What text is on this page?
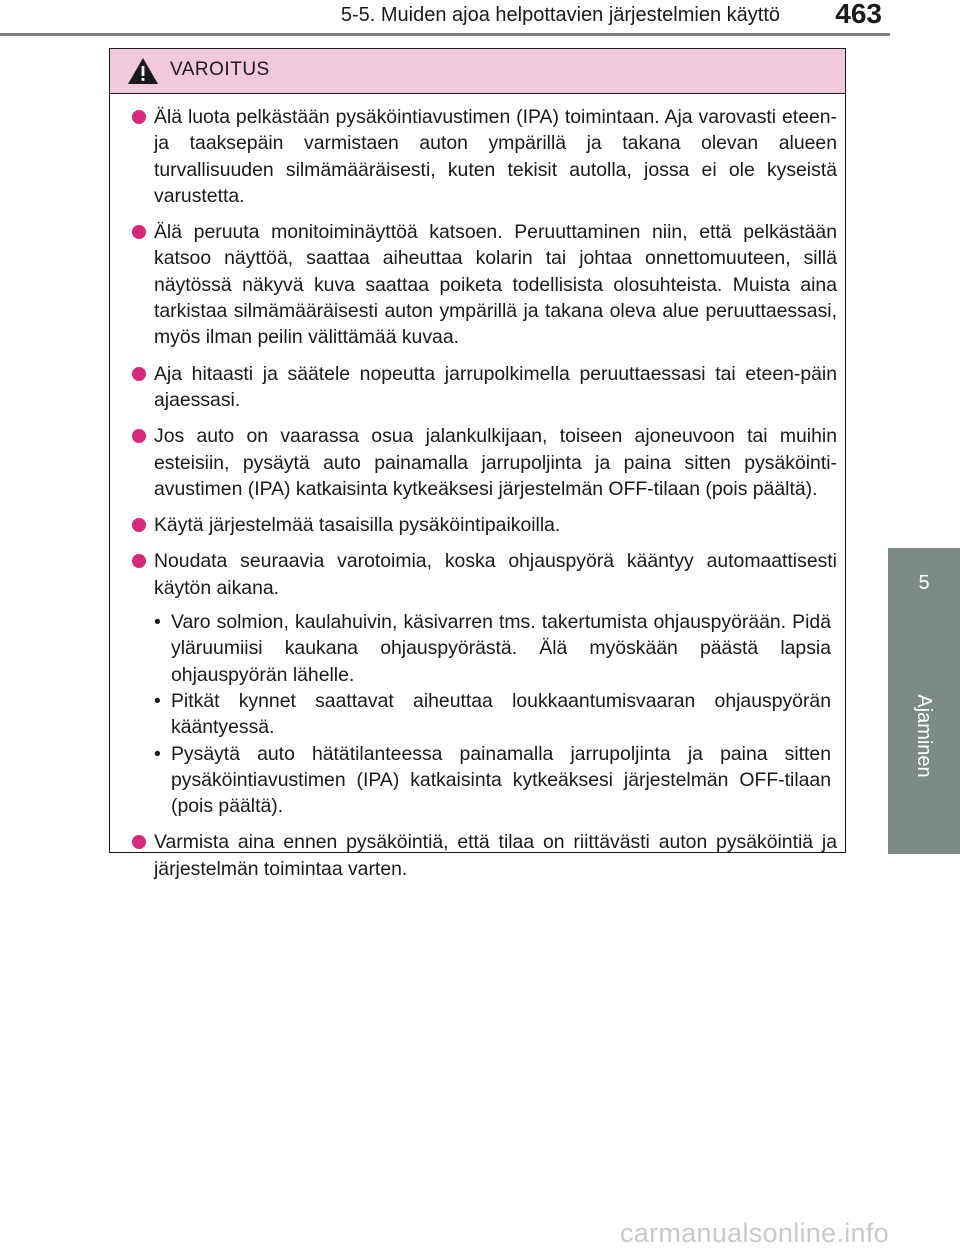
5-5. Muiden ajoa helpottavien järjestelmien käyttö	463
5
Ajaminen
VAROITUS
Älä luota pelkästään pysäköintiavustimen (IPA) toimintaan. Aja varovasti eteen- ja taaksepäin varmistaen auton ympärillä ja takana olevan alueen turvallisuuden silmämääräisesti, kuten tekisit autolla, jossa ei ole kyseistä varustetta.
Älä peruuta monitoiminäyttöä katsoen. Peruuttaminen niin, että pelkästään katsoo näyttöä, saattaa aiheuttaa kolarin tai johtaa onnettomuuteen, sillä näytössä näkyvä kuva saattaa poiketa todellisista olosuhteista. Muista aina tarkistaa silmämääräisesti auton ympärillä ja takana oleva alue peruuttaessasi, myös ilman peilin välittämää kuvaa.
Aja hitaasti ja säätele nopeutta jarrupolkimella peruuttaessasi tai eteen-päin ajaessasi.
Jos auto on vaarassa osua jalankulkijaan, toiseen ajoneuvoon tai muihin esteisiin, pysäytä auto painamalla jarrupoljinta ja paina sitten pysäköinti-avustimen (IPA) katkaisinta kytkeäksesi järjestelmän OFF-tilaan (pois päältä).
Käytä järjestelmää tasaisilla pysäköintipaikoilla.
Noudata seuraavia varotoimia, koska ohjauspyörä kääntyy automaattisesti käytön aikana.
• Varo solmion, kaulahuivin, käsivarren tms. takertumista ohjauspyörään. Pidä yläruumiisi kaukana ohjauspyörästä. Älä myöskään päästä lapsia ohjauspyörän lähelle.
• Pitkät kynnet saattavat aiheuttaa loukkaantumisvaaran ohjauspyörän kääntyessä.
• Pysäytä auto hätätilanteessa painamalla jarrupoljinta ja paina sitten pysäköintiavustimen (IPA) katkaisinta kytkeäksesi järjestelmän OFF-tilaan (pois päältä).
Varmista aina ennen pysäköintiä, että tilaa on riittävästi auton pysäköintiä ja järjestelmän toimintaa varten.
carmanualsonline.info
